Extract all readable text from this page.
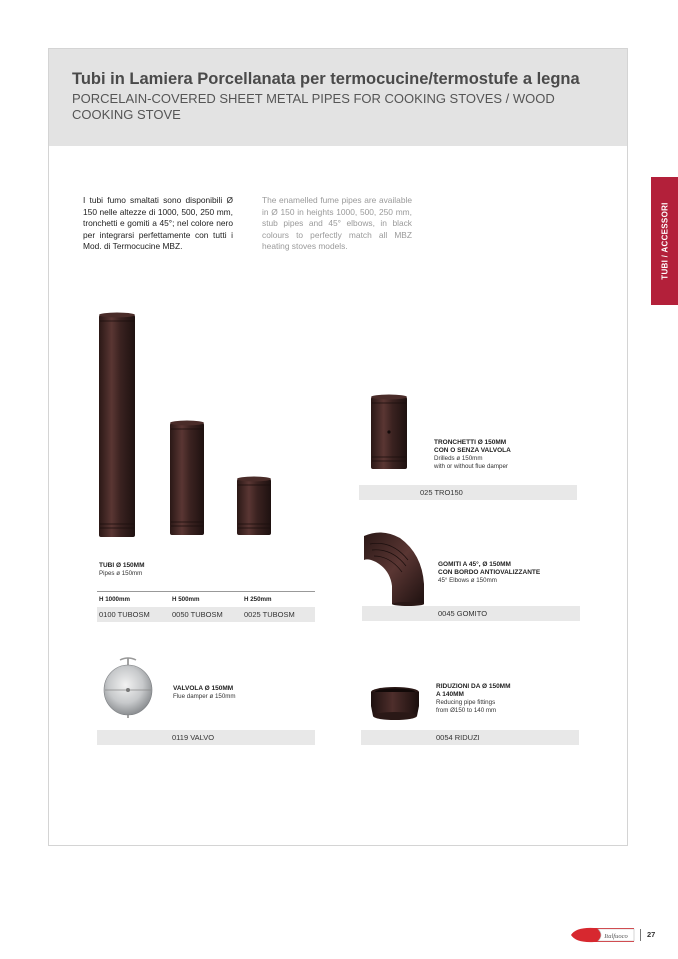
Tubi in Lamiera Porcellanata per termocucine/termostufe a legna
PORCELAIN-COVERED SHEET METAL PIPES FOR COOKING STOVES / WOOD COOKING STOVE
TUBI / ACCESSORI
I tubi fumo smaltati sono disponibili Ø 150 nelle altezze di 1000, 500, 250 mm, tronchetti e gomiti a 45°; nel colore nero per integrarsi perfettamente con tutti i Mod. di Termocucine MBZ.
The enamelled fume pipes are available in Ø 150 in heights 1000, 500, 250 mm, stub pipes and 45° elbows, in black colours to perfectly match all MBZ heating stoves models.
TUBI Ø 150MM
Pipes ø 150mm
H 1000mm	H 500mm	H 250mm
0100 TUBOSM	0050 TUBOSM	0025 TUBOSM
TRONCHETTI Ø 150MM
CON O SENZA VALVOLA
Drilleds ø 150mm
with or without flue damper
025 TRO150
GOMITI A 45°, Ø 150MM
CON BORDO ANTIOVALIZZANTE
45° Elbows ø 150mm
0045 GOMITO
VALVOLA Ø 150MM
Flue damper ø 150mm
0119 VALVO
RIDUZIONI DA Ø 150MM
A 140MM
Reducing pipe fittings
from Ø150 to 140 mm
0054 RIDUZI
Italfuoco	27
